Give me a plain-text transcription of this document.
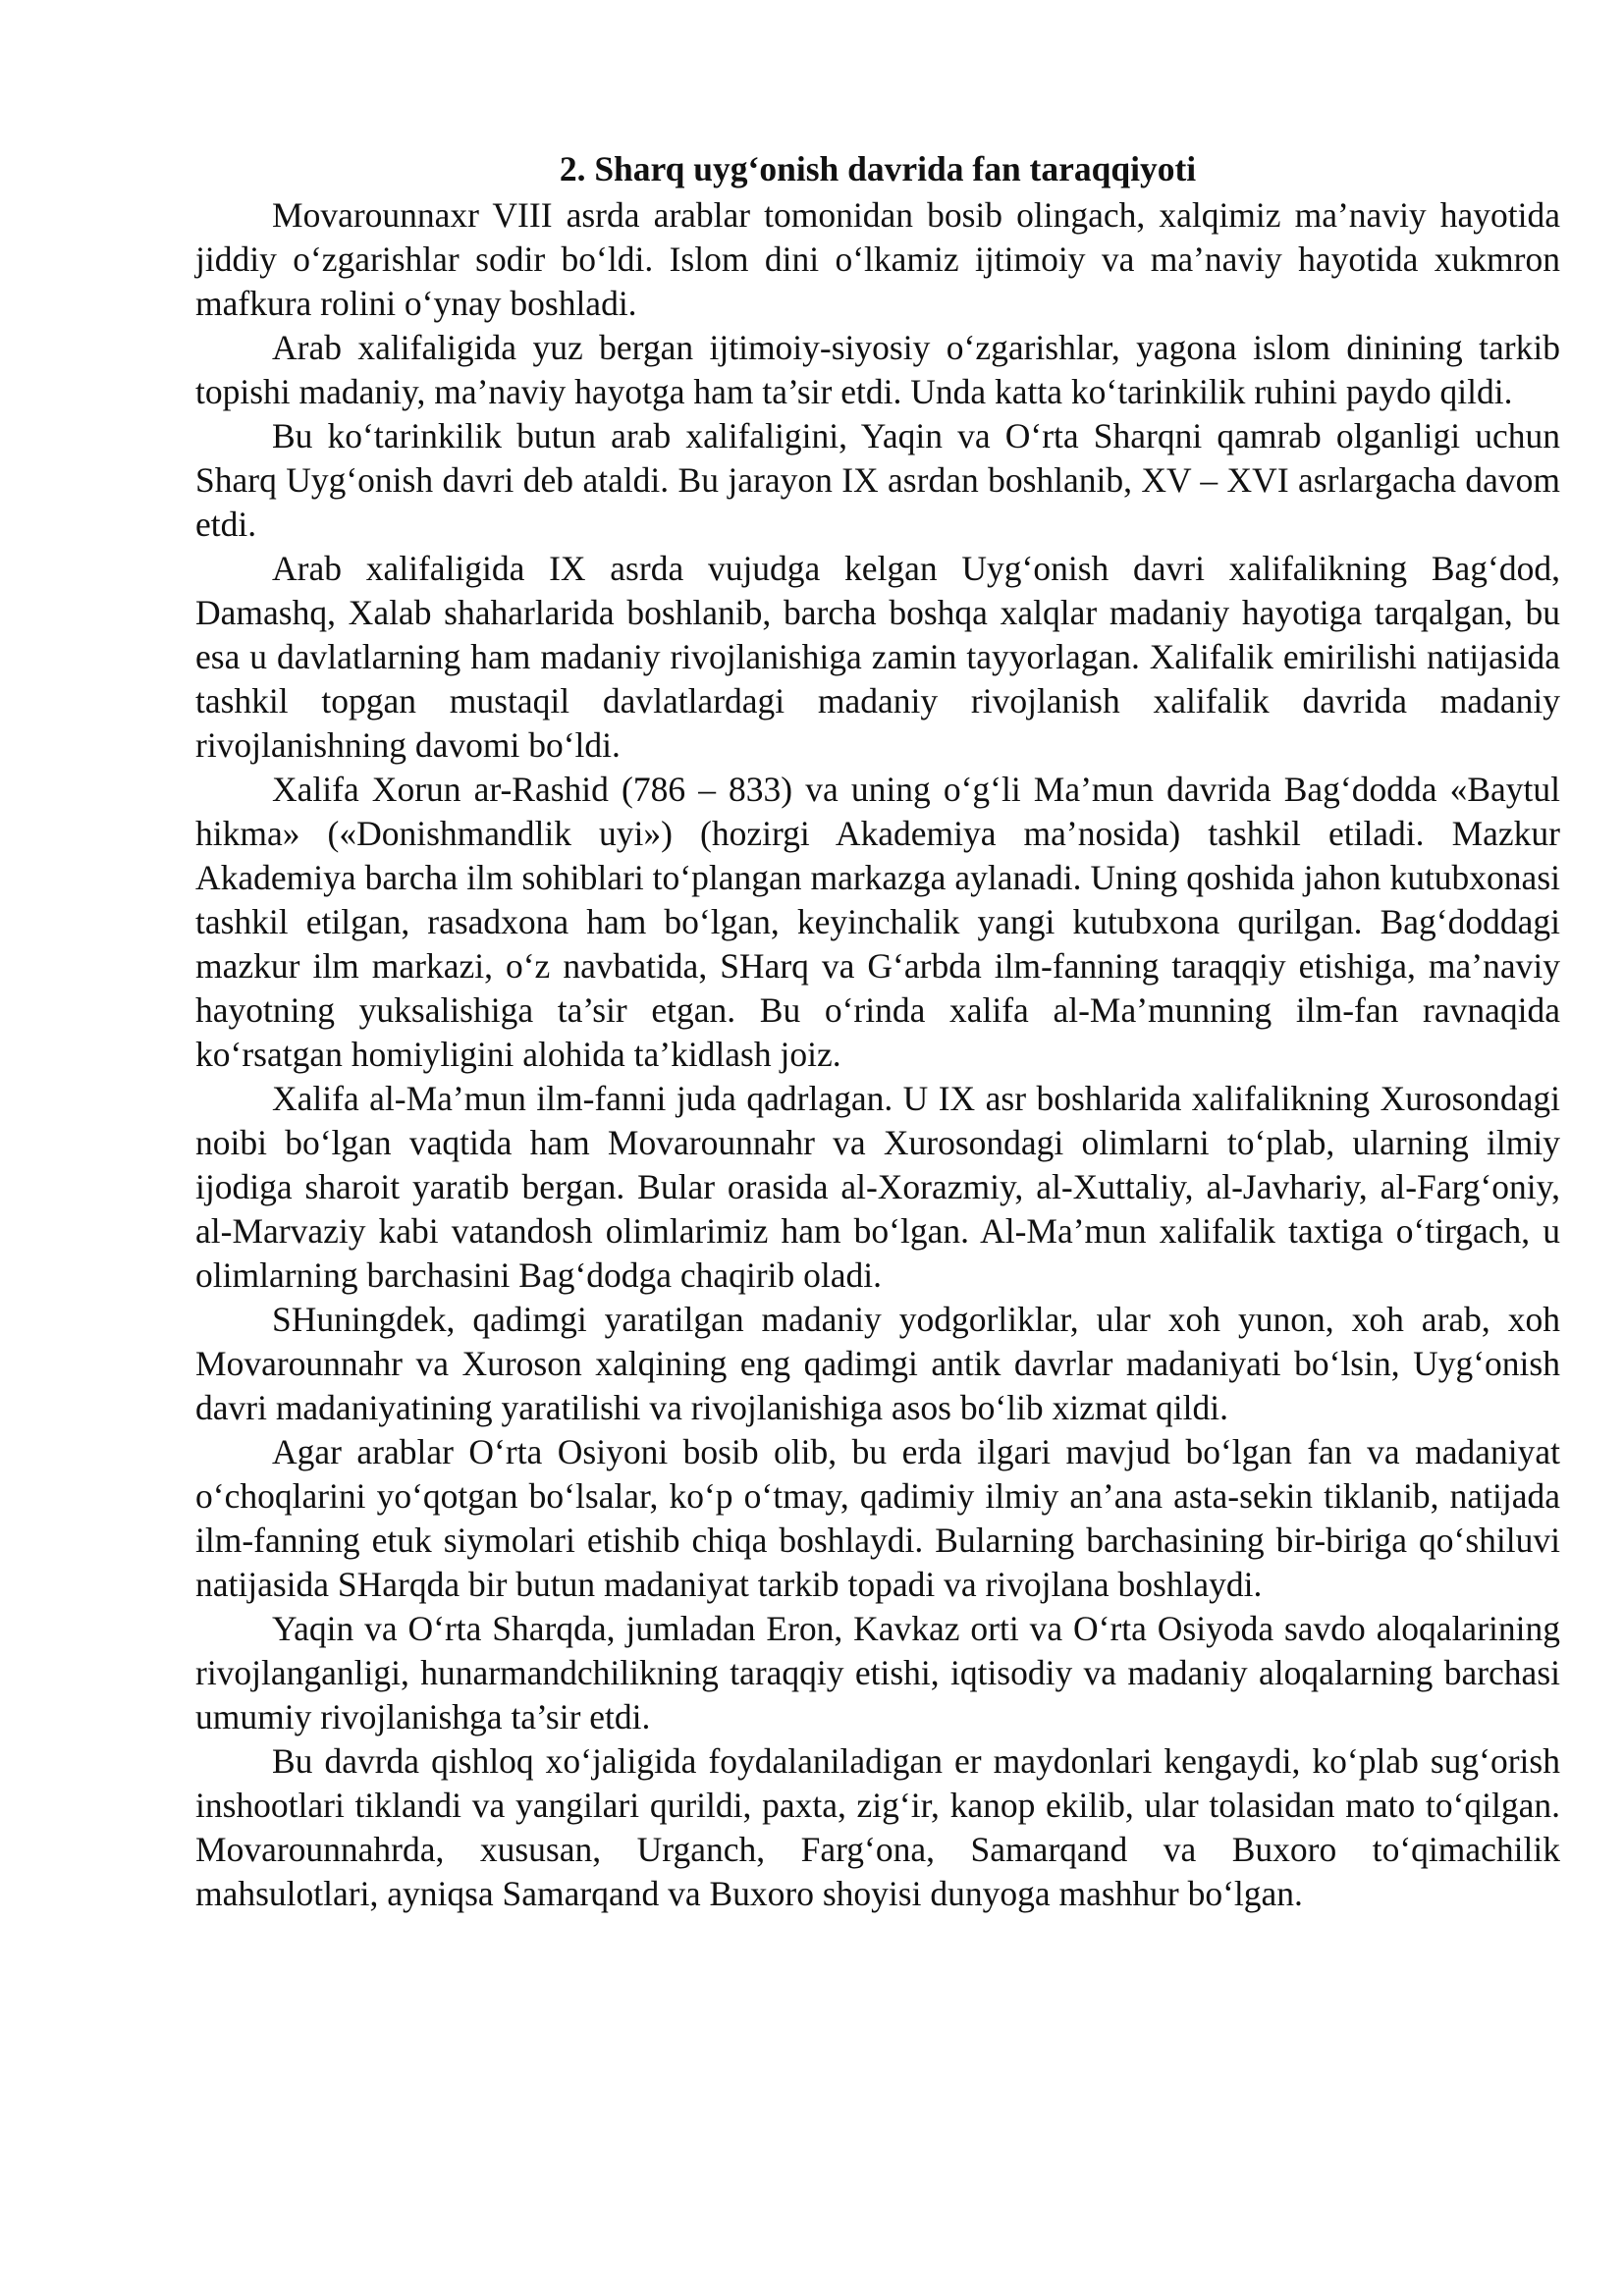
2. Sharq uyg‘onish davrida fan taraqqiyoti

Movarounnaxr VIII asrda arablar tomonidan bosib olingach, xalqimiz ma’naviy hayotida jiddiy o‘zgarishlar sodir bo‘ldi. Islom dini o‘lkamiz ijtimoiy va ma’naviy hayotida xukmron mafkura rolini o‘ynay boshladi.

Arab xalifaligida yuz bergan ijtimoiy-siyosiy o‘zgarishlar, yagona islom dinining tarkib topishi madaniy, ma’naviy hayotga ham ta’sir etdi. Unda katta ko‘tarinkilik ruhini paydo qildi.

Bu ko‘tarinkilik butun arab xalifaligini, Yaqin va O‘rta Sharqni qamrab olganligi uchun Sharq Uyg‘onish davri deb ataldi. Bu jarayon IX asrdan boshlanib, XV – XVI asrlargacha davom etdi.

Arab xalifaligida IX asrda vujudga kelgan Uyg‘onish davri xalifalikning Bag‘dod, Damashq, Xalab shaharlarida boshlanib, barcha boshqa xalqlar madaniy hayotiga tarqalgan, bu esa u davlatlarning ham madaniy rivojlanishiga zamin tayyorlagan. Xalifalik emirilishi natijasida tashkil topgan mustaqil davlatlardagi madaniy rivojlanish xalifalik davrida madaniy rivojlanishning davomi bo‘ldi.

Xalifa Xorun ar-Rashid (786 – 833) va uning o‘g‘li Ma’mun davrida Bag‘dodda «Baytul hikma» («Donishmandlik uyi») (hozirgi Akademiya ma’nosida) tashkil etiladi. Mazkur Akademiya barcha ilm sohiblari to‘plangan markazga aylanadi. Uning qoshida jahon kutubxonasi tashkil etilgan, rasadxona ham bo‘lgan, keyinchalik yangi kutubxona qurilgan. Bag‘doddagi mazkur ilm markazi, o‘z navbatida, SHarq va G‘arbda ilm-fanning taraqqiy etishiga, ma’naviy hayotning yuksalishiga ta’sir etgan. Bu o‘rinda xalifa al-Ma’munning ilm-fan ravnaqida ko‘rsatgan homiyligini alohida ta’kidlash joiz.

Xalifa al-Ma’mun ilm-fanni juda qadrlagan. U IX asr boshlarida xalifalikning Xurosondagi noibi bo‘lgan vaqtida ham Movarounnahr va Xurosondagi olimlarni to‘plab, ularning ilmiy ijodiga sharoit yaratib bergan. Bular orasida al-Xorazmiy, al-Xuttaliy, al-Javhariy, al-Farg‘oniy, al-Marvaziy kabi vatandosh olimlarimiz ham bo‘lgan. Al-Ma’mun xalifalik taxtiga o‘tirgach, u olimlarning barchasini Bag‘dodga chaqirib oladi.

SHuningdek, qadimgi yaratilgan madaniy yodgorliklar, ular xoh yunon, xoh arab, xoh Movarounnahr va Xuroson xalqining eng qadimgi antik davrlar madaniyati bo‘lsin, Uyg‘onish davri madaniyatining yaratilishi va rivojlanishiga asos bo‘lib xizmat qildi.

Agar arablar O‘rta Osiyoni bosib olib, bu erda ilgari mavjud bo‘lgan fan va madaniyat o‘choqlarini yo‘qotgan bo‘lsalar, ko‘p o‘tmay, qadimiy ilmiy an’ana asta-sekin tiklanib, natijada ilm-fanning etuk siymolari etishib chiqa boshlaydi. Bularning barchasining bir-biriga qo‘shiluvi natijasida SHarqda bir butun madaniyat tarkib topadi va rivojlana boshlaydi.

Yaqin va O‘rta Sharqda, jumladan Eron, Kavkaz orti va O‘rta Osiyoda savdo aloqalarining rivojlanganligi, hunarmandchilikning taraqqiy etishi, iqtisodiy va madaniy aloqalarning barchasi umumiy rivojlanishga ta’sir etdi.

Bu davrda qishloq xo‘jaligida foydalaniladigan er maydonlari kengaydi, ko‘plab sug‘orish inshootlari tiklandi va yangilari qurildi, paxta, zig‘ir, kanop ekilib, ular tolasidan mato to‘qilgan. Movarounnahrda, xususan, Urganch, Farg‘ona, Samarqand va Buxoro to‘qimachilik mahsulotlari, ayniqsa Samarqand va Buxoro shoyisi dunyoga mashhur bo‘lgan.
